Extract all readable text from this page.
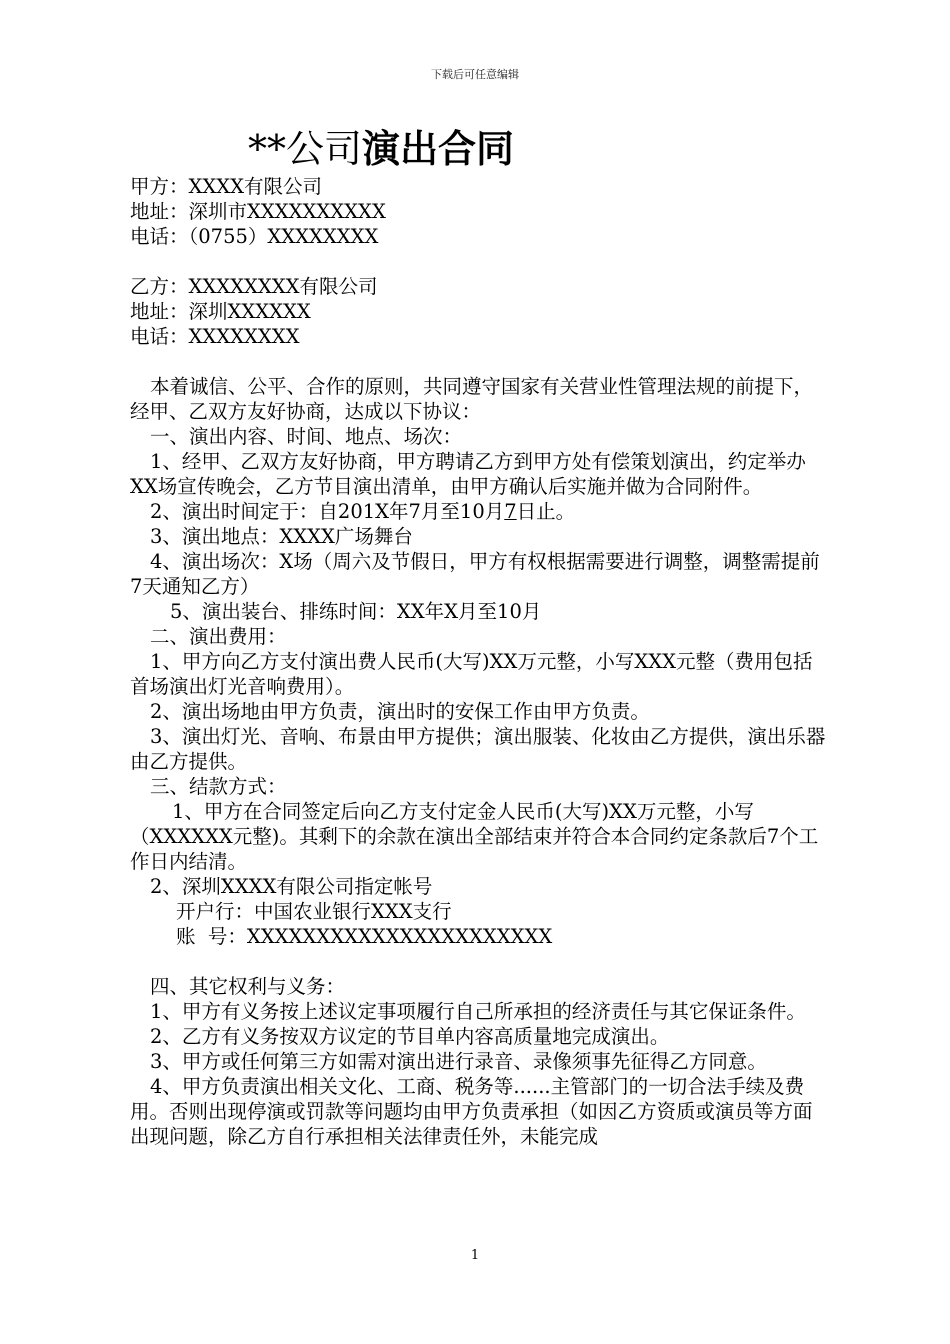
下载后可任意编辑
**公司演出合同

甲方：XXXX有限公司

地址：深圳市XXXXXXXXXX

电话：（0755）XXXXXXXX

乙方：XXXXXXXX有限公司

地址：深圳XXXXXX

电话：XXXXXXXX

本着诚信、公平、合作的原则，共同遵守国家有关营业性管理法规的前提下，经甲、乙双方友好协商，达成以下协议：

一、演出内容、时间、地点、场次：

1、经甲、乙双方友好协商，甲方聘请乙方到甲方处有偿策划演出，约定举办XX场宣传晚会，乙方节目演出清单，由甲方确认后实施并做为合同附件。

2、演出时间定于：自201X年7月至10月7日止。

3、演出地点：XXXX广场舞台

4、演出场次：X场（周六及节假日，甲方有权根据需要进行调整，调整需提前7天通知乙方）

5、演出装台、排练时间：XX年X月至10月

二、演出费用：

1、甲方向乙方支付演出费人民币(大写)XX万元整，小写XXX元整（费用包括首场演出灯光音响费用）。

2、演出场地由甲方负责，演出时的安保工作由甲方负责。

3、演出灯光、音响、布景由甲方提供；演出服装、化妆由乙方提供，演出乐器由乙方提供。

三、结款方式：

1、甲方在合同签定后向乙方支付定金人民币(大写)XX万元整，小写（XXXXXX元整)。其剩下的余款在演出全部结束并符合本合同约定条款后7个工作日内结清。

2、深圳XXXX有限公司指定帐号

开户行：中国农业银行XXX支行

账  号：XXXXXXXXXXXXXXXXXXXXXX

四、其它权利与义务：

1、甲方有义务按上述议定事项履行自己所承担的经济责任与其它保证条件。

2、乙方有义务按双方议定的节目单内容高质量地完成演出。

3、甲方或任何第三方如需对演出进行录音、录像须事先征得乙方同意。

4、甲方负责演出相关文化、工商、税务等......主管部门的一切合法手续及费用。否则出现停演或罚款等问题均由甲方负责承担（如因乙方资质或演员等方面出现问题，除乙方自行承担相关法律责任外，未能完成

1
